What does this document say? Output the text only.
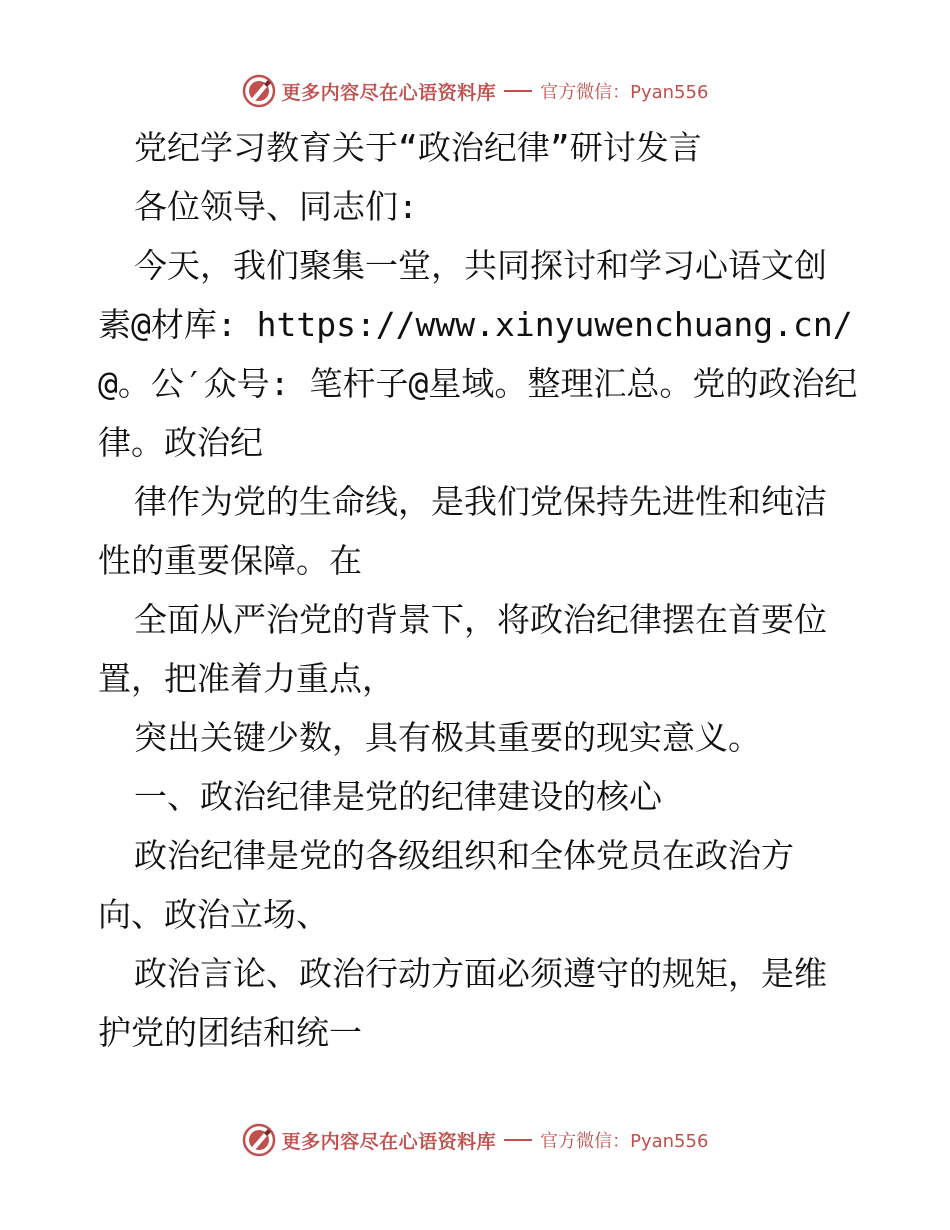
更多内容尽在心语资料库 官方微信：Pyan556

党纪学习教育关于“政治纪律”研讨发言

各位领导、同志们:

今天，我们聚集一堂，共同探讨和学习心语文创素@材库: https://www.xinyuwenchuang.cn/@。公′众号: 笔杆子@星域。整理汇总。党的政治纪律。政治纪

律作为党的生命线，是我们党保持先进性和纯洁性的重要保障。在

全面从严治党的背景下，将政治纪律摆在首要位置，把准着力重点，

突出关键少数，具有极其重要的现实意义。

一、政治纪律是党的纪律建设的核心

政治纪律是党的各级组织和全体党员在政治方向、政治立场、

政治言论、政治行动方面必须遵守的规矩，是维护党的团结和统一

更多内容尽在心语资料库 官方微信：Pyan556
